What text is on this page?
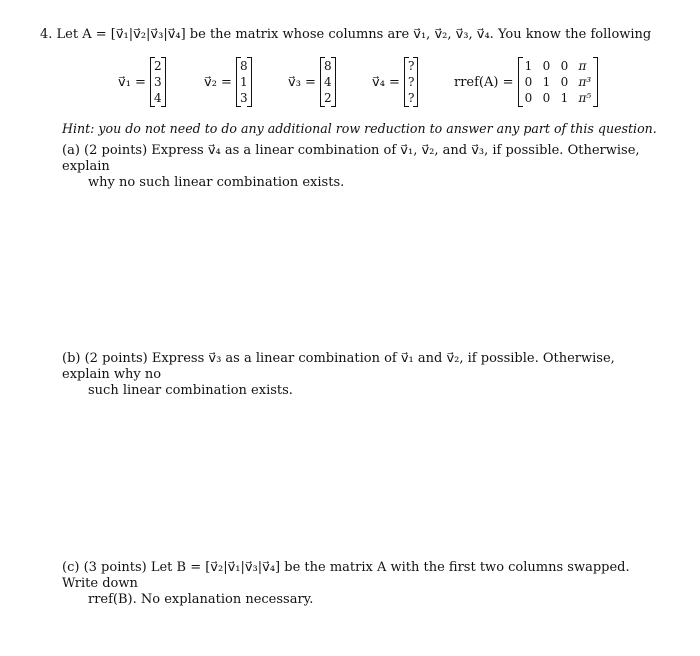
4. Let A = [v⃗₁|v⃗₂|v⃗₃|v⃗₄] be the matrix whose columns are v⃗₁, v⃗₂, v⃗₃, v⃗₄. You know the following
v⃗₁ =
2
3
4
v⃗₂ =
8
1
3
v⃗₃ =
8
4
2
v⃗₄ =
?
?
?
rref(A) =
1 0 0 π
0 1 0 π³
0 0 1 π⁵
Hint: you do not need to do any additional row reduction to answer any part of this question.
(a) (2 points) Express v⃗₄ as a linear combination of v⃗₁, v⃗₂, and v⃗₃, if possible. Otherwise, explain
why no such linear combination exists.
(b) (2 points) Express v⃗₃ as a linear combination of v⃗₁ and v⃗₂, if possible. Otherwise, explain why no
such linear combination exists.
(c) (3 points) Let B = [v⃗₂|v⃗₁|v⃗₃|v⃗₄] be the matrix A with the first two columns swapped. Write down
rref(B). No explanation necessary.
